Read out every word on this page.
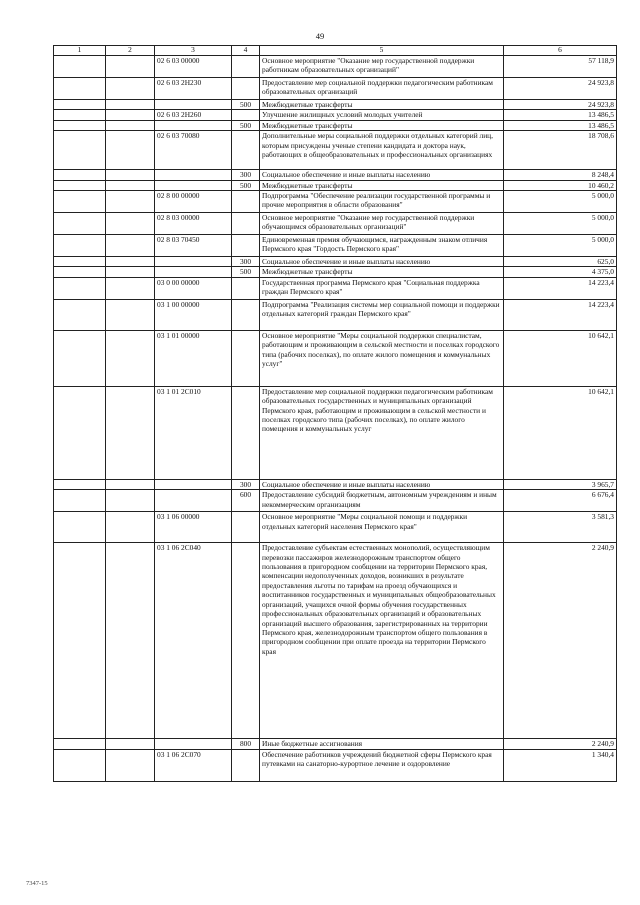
49
1	2	3	4	5	6
		02 6 03 00000		Основное мероприятие "Оказание мер государственной поддержки работникам образовательных организаций"	57 118,9
		02 6 03 2Н230		Предоставление мер социальной поддержки педагогическим работникам образовательных организаций	24 923,8
			500	Межбюджетные трансферты	24 923,8
		02 6 03 2Н260		Улучшение жилищных условий молодых учителей	13 486,5
			500	Межбюджетные трансферты	13 486,5
		02 6 03 70080		Дополнительные меры социальной поддержки отдельных категорий лиц, которым присуждены ученые степени кандидата и доктора наук, работающих в общеобразовательных и профессиональных организациях	18 708,6
			300	Социальное обеспечение и иные выплаты населению	8 248,4
			500	Межбюджетные трансферты	10 460,2
		02 8 00 00000		Подпрограмма "Обеспечение реализации государственной программы и прочие мероприятия в области образования"	5 000,0
		02 8 03 00000		Основное мероприятие "Оказание мер государственной поддержки обучающимся образовательных организаций"	5 000,0
		02 8 03 70450		Единовременная премия обучающимся, награжденным знаком отличия Пермского края "Гордость Пермского края"	5 000,0
			300	Социальное обеспечение и иные выплаты населению	625,0
			500	Межбюджетные трансферты	4 375,0
		03 0 00 00000		Государственная программа Пермского края "Социальная поддержка граждан Пермского края"	14 223,4
		03 1 00 00000		Подпрограмма "Реализация системы мер социальной помощи и поддержки отдельных категорий граждан Пермского края"	14 223,4
		03 1 01 00000		Основное мероприятие "Меры социальной поддержки специалистам, работающим и проживающим в сельской местности и поселках городского типа (рабочих поселках), по оплате жилого помещения и коммунальных услуг"	10 642,1
		03 1 01 2С010		Предоставление мер социальной поддержки педагогическим работникам образовательных государственных и муниципальных организаций Пермского края, работающим и проживающим в сельской местности и поселках городского типа (рабочих поселках), по оплате жилого помещения и коммунальных услуг	10 642,1
			300	Социальное обеспечение и иные выплаты населению	3 965,7
			600	Предоставление субсидий бюджетным, автономным учреждениям и иным некоммерческим организациям	6 676,4
		03 1 06 00000		Основное мероприятие "Меры социальной помощи и поддержки отдельных категорий населения Пермского края"	3 581,3
		03 1 06 2С040		Предоставление субъектам естественных монополий, осуществляющим перевозки пассажиров железнодорожным транспортом общего пользования в пригородном сообщении на территории Пермского края, компенсации недополученных доходов, возникших в результате предоставления льготы по тарифам на проезд обучающихся и воспитанников государственных и муниципальных общеобразовательных организаций, учащихся очной формы обучения государственных профессиональных образовательных организаций и образовательных организаций высшего образования, зарегистрированных на территории Пермского края, железнодорожным транспортом общего пользования в пригородном сообщении при оплате проезда на территории Пермского края	2 240,9
			800	Иные бюджетные ассигнования	2 240,9
		03 1 06 2С070		Обеспечение работников учреждений бюджетной сферы Пермского края путевками на санаторно-курортное лечение и оздоровление	1 340,4
7347-15
